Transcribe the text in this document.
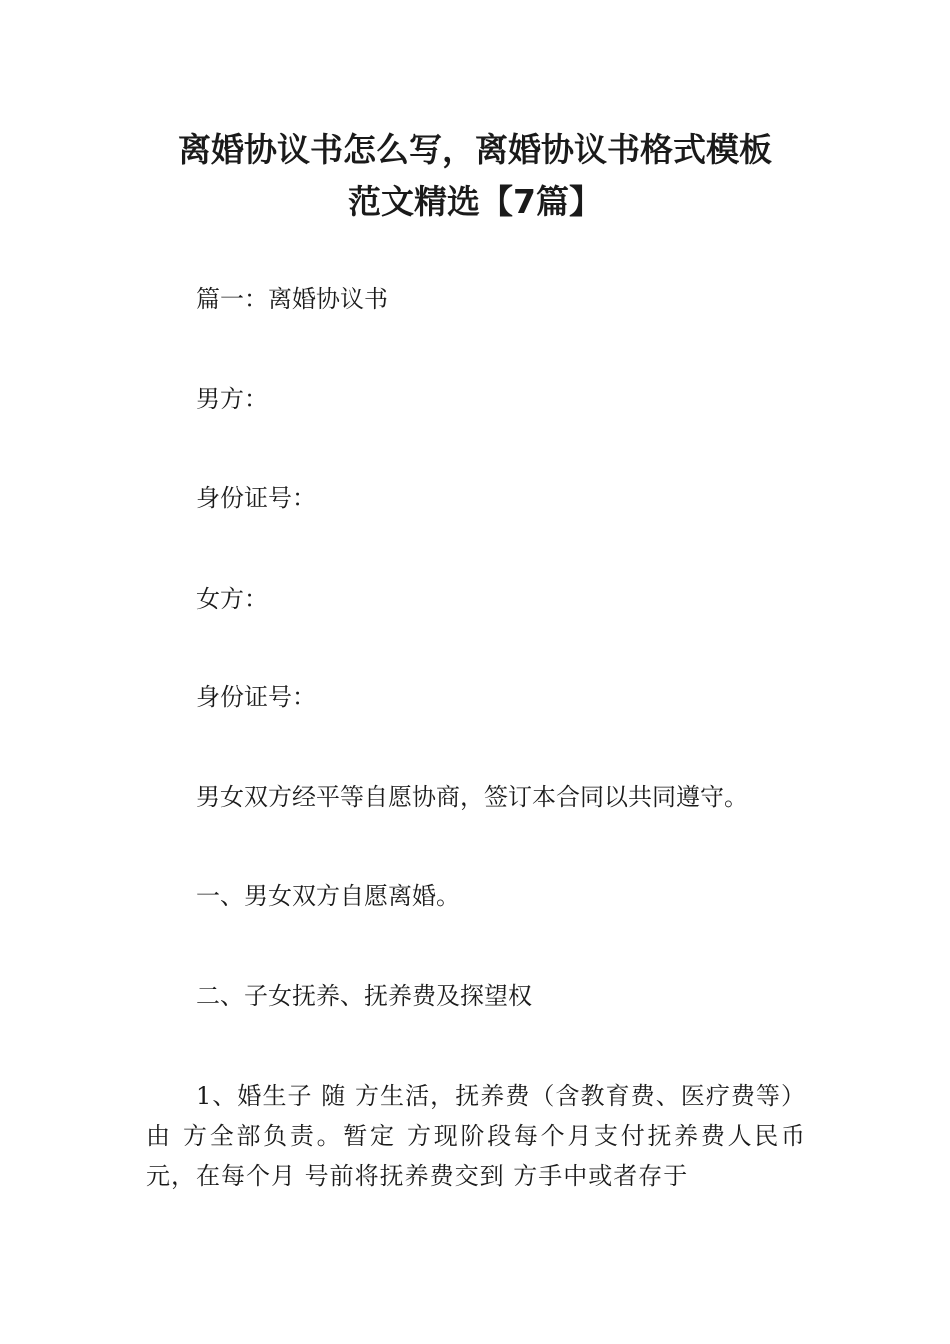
离婚协议书怎么写，离婚协议书格式模板
范文精选【7篇】

篇一：离婚协议书

男方：

身份证号：

女方：

身份证号：

男女双方经平等自愿协商，签订本合同以共同遵守。

一、男女双方自愿离婚。

二、子女抚养、抚养费及探望权

1、婚生子 随 方生活，抚养费（含教育费、医疗费等）由 方全部负责。暂定 方现阶段每个月支付抚养费人民币 元，在每个月 号前将抚养费交到 方手中或者存于
